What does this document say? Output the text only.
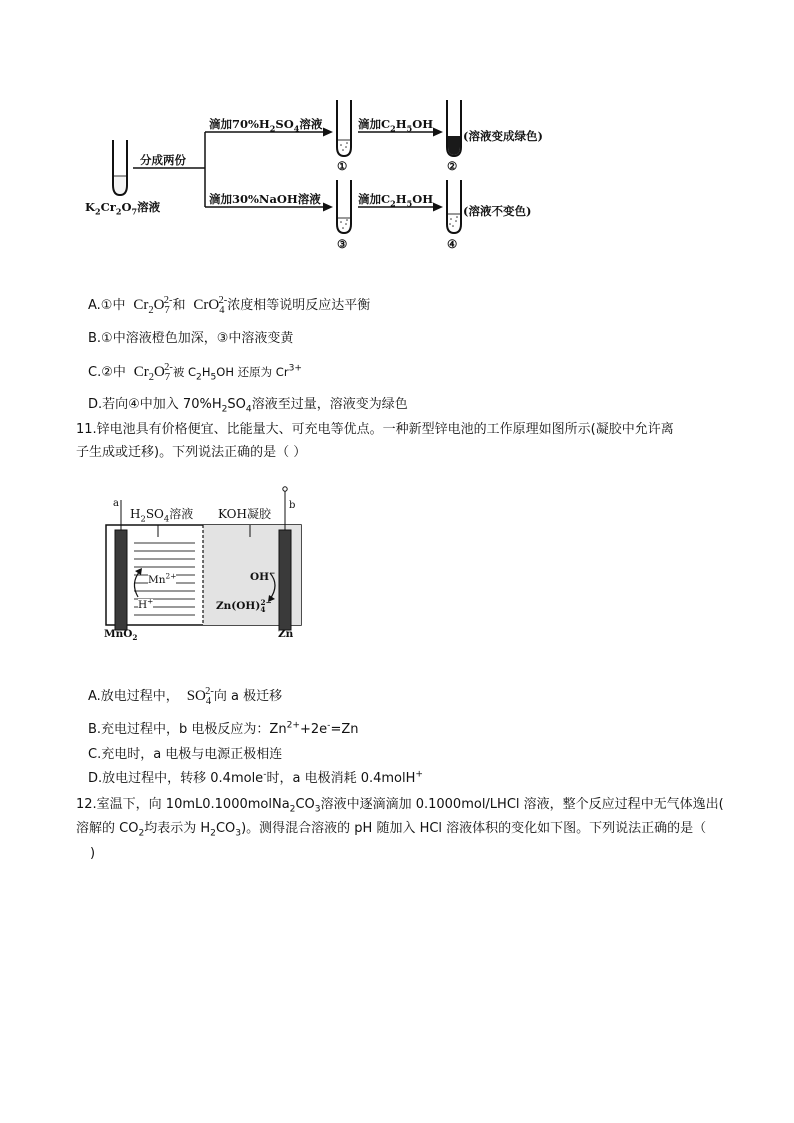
$K_2Cr_2O_7$溶液
分成两份
滴加$70\%H_2SO_4$溶液	滴加$C_2H_5OH$
滴加30%NaOH溶液	滴加$C_2H_5OH$
①	②
③	④
(溶液变成绿色)
(溶液不变色)
A.①中 $Cr_2O_7^{2-}$和 CrO$_4^{2-}$浓度相等说明反应达平衡
B.①中溶液橙色加深，③中溶液变黄
C.②中 $Cr_2O_7^{2-}$被 $C_2H_5OH$ 还原为 $Cr^{3+}$
D.若向④中加入 $70\%H_2SO_4$溶液至过量，溶液变为绿色
11.锌电池具有价格便宜、比能量大、可充电等优点。一种新型锌电池的工作原理如图所示(凝胶中允许离
子生成或迁移)。下列说法正确的是（ ）
a	b
$H_2SO_4$溶液 KOH凝胶
$Mn^{2+}$
H+
OH−
$Zn(OH)_4^{2-}$
MnO$_2$	Zn
A.放电过程中， $SO_4^{2-}$向 a 极迁移
B.充电过程中，b 电极反应为：$Zn^{2+}+2e^-=Zn$
C.充电时，a 电极与电源正极相连
D.放电过程中，转移 0.4mole-时，a 电极消耗 0.4molH+
12.室温下，向 $10mL0.1000molNa_2CO_3$溶液中逐滴滴加 0.1000mol/LHCl 溶液，整个反应过程中无气体逸出(
溶解的 $CO_2$均表示为 $H_2CO_3$)。测得混合溶液的 pH 随加入 HCl 溶液体积的变化如下图。下列说法正确的是（
)
